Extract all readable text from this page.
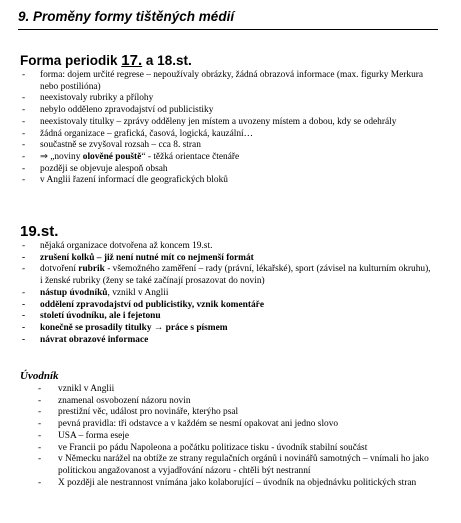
9. Proměny formy tištěných médií
Forma periodik 17. a 18.st.
- forma: dojem určité regrese – nepoužívaly obrázky, žádná obrazová informace (max. figurky Merkura nebo postilióna)
- neexistovaly rubriky a přílohy
- nebylo odděleno zpravodajství od publicistiky
- neexistovaly titulky – zprávy odděleny jen místem a uvozeny místem a dobou, kdy se odehrály
- žádná organizace – grafická, časová, logická, kauzální…
- součastně se zvyšoval rozsah – cca 8. stran
- ⇒ „noviny olověné pouště“ - těžká orientace čtenáře
- později se objevuje alespoň obsah
- v Anglii řazení informací dle geografických bloků
19.st.
- nějaká organizace dotvořena až koncem 19.st.
- zrušení kolků – již není nutné mít co nejmenší formát
- dotvoření rubrik - všemožného zaměření – rady (právní, lékařské), sport (závisel na kulturním okruhu), i ženské rubriky (ženy se také začínají prosazovat do novin)
- nástup úvodníků, vznikl v Anglii
- oddělení zpravodajství od publicistiky, vznik komentáře
- století úvodníku, ale i fejetonu
- konečně se prosadily titulky → práce s písmem
- návrat obrazové informace
Úvodník
- vznikl v Anglii
- znamenal osvobození názoru novin
- prestižní věc, událost pro novináře, kterýho psal
- pevná pravidla: tři odstavce a v každém se nesmí opakovat ani jedno slovo
- USA – forma eseje
- ve Francii po pádu Napoleona a počátku politizace tisku - úvodník stabilní součást
- v Německu narážel na obtíže ze strany regulačních orgánů i novinářů samotných – vnímali ho jako politickou angažovanost a vyjadřování názoru - chtěli být nestranní
- X později ale nestrannost vnímána jako kolaborující – úvodník na objednávku politických stran
